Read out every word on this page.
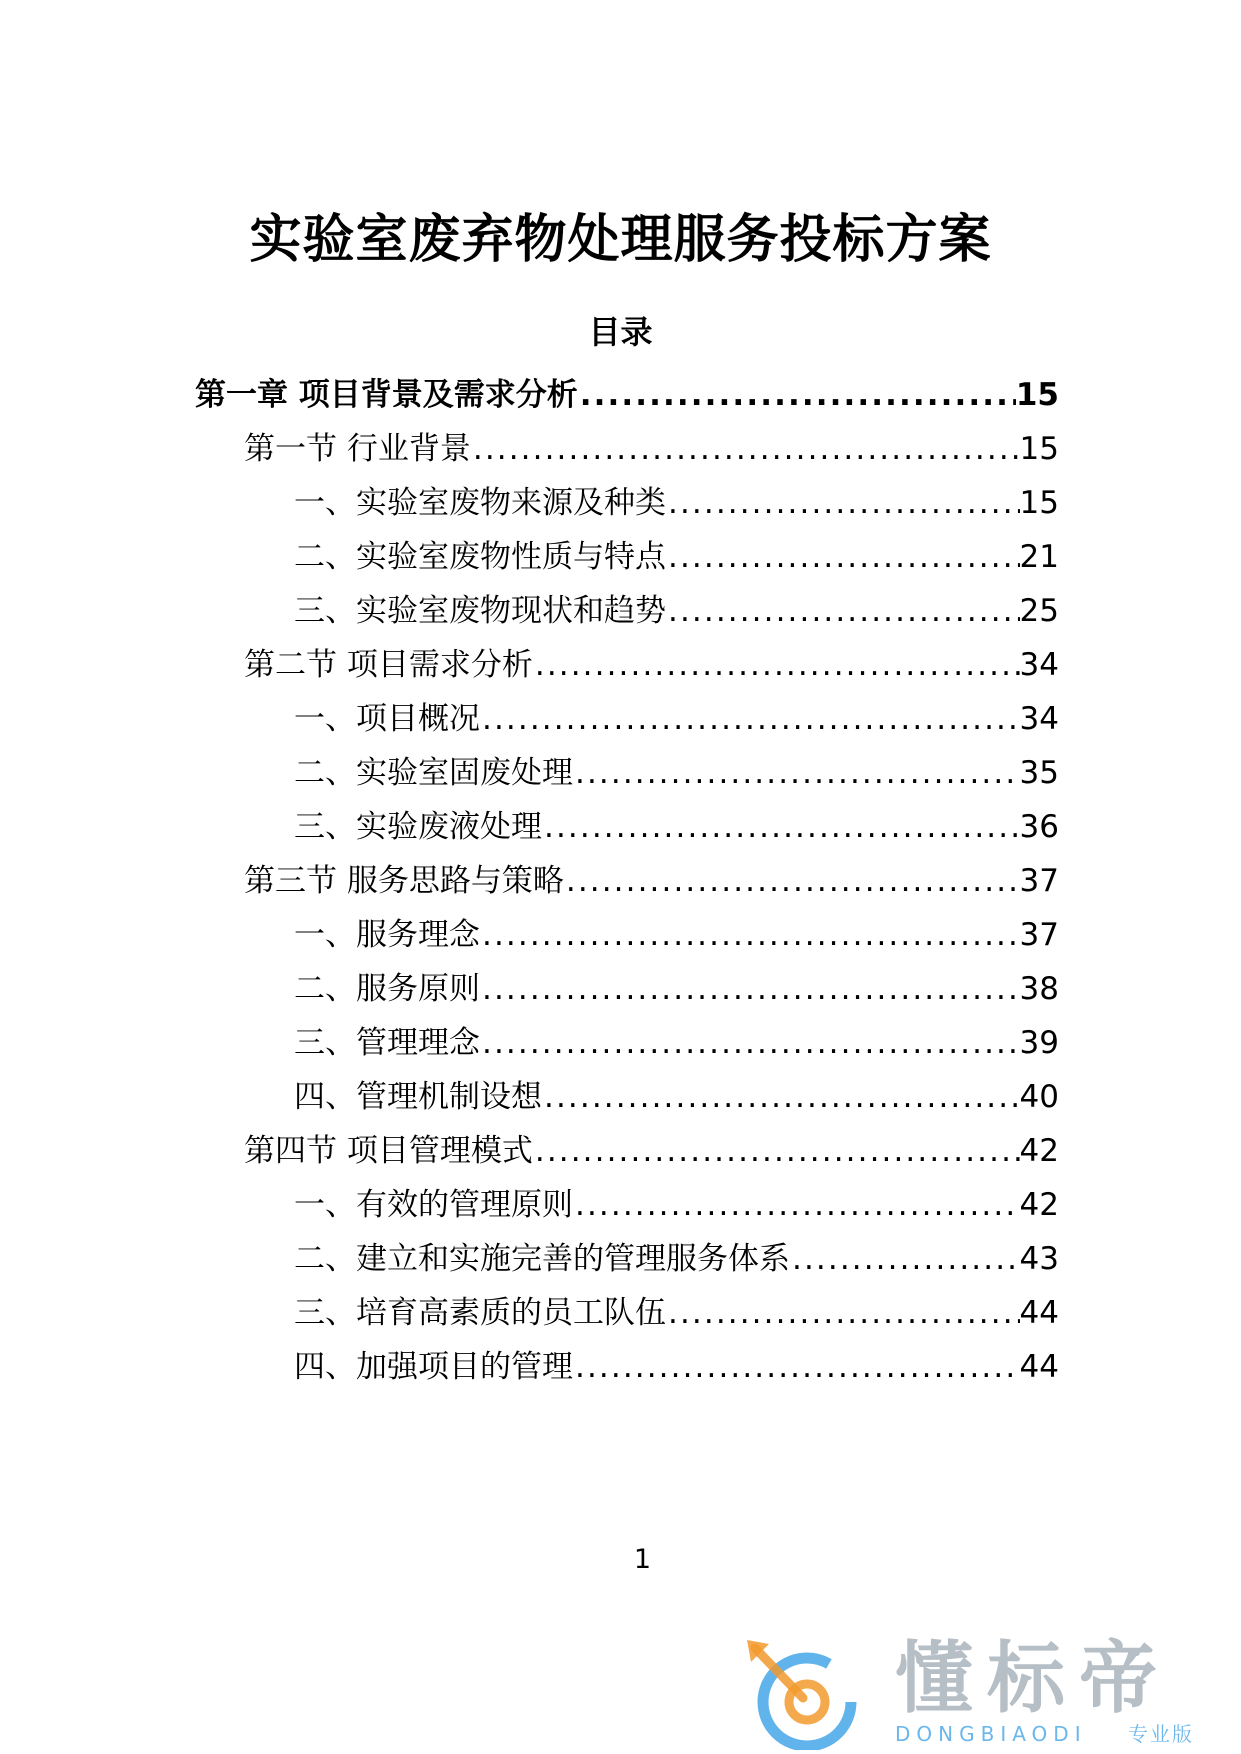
实验室废弃物处理服务投标方案
目录
第一章 项目背景及需求分析 .....	15
第一节 行业背景 .....	15
一、实验室废物来源及种类 .....	15
二、实验室废物性质与特点 .....	21
三、实验室废物现状和趋势 .....	25
第二节 项目需求分析 .....	34
一、项目概况 .....	34
二、实验室固废处理 .....	35
三、实验废液处理 .....	36
第三节 服务思路与策略 .....	37
一、服务理念 .....	37
二、服务原则 .....	38
三、管理理念 .....	39
四、管理机制设想 .....	40
第四节 项目管理模式 .....	42
一、有效的管理原则 .....	42
二、建立和实施完善的管理服务体系 .....	43
三、培育高素质的员工队伍 .....	44
四、加强项目的管理 .....	44
1
懂标帝
DONGBIAODI 专业版
